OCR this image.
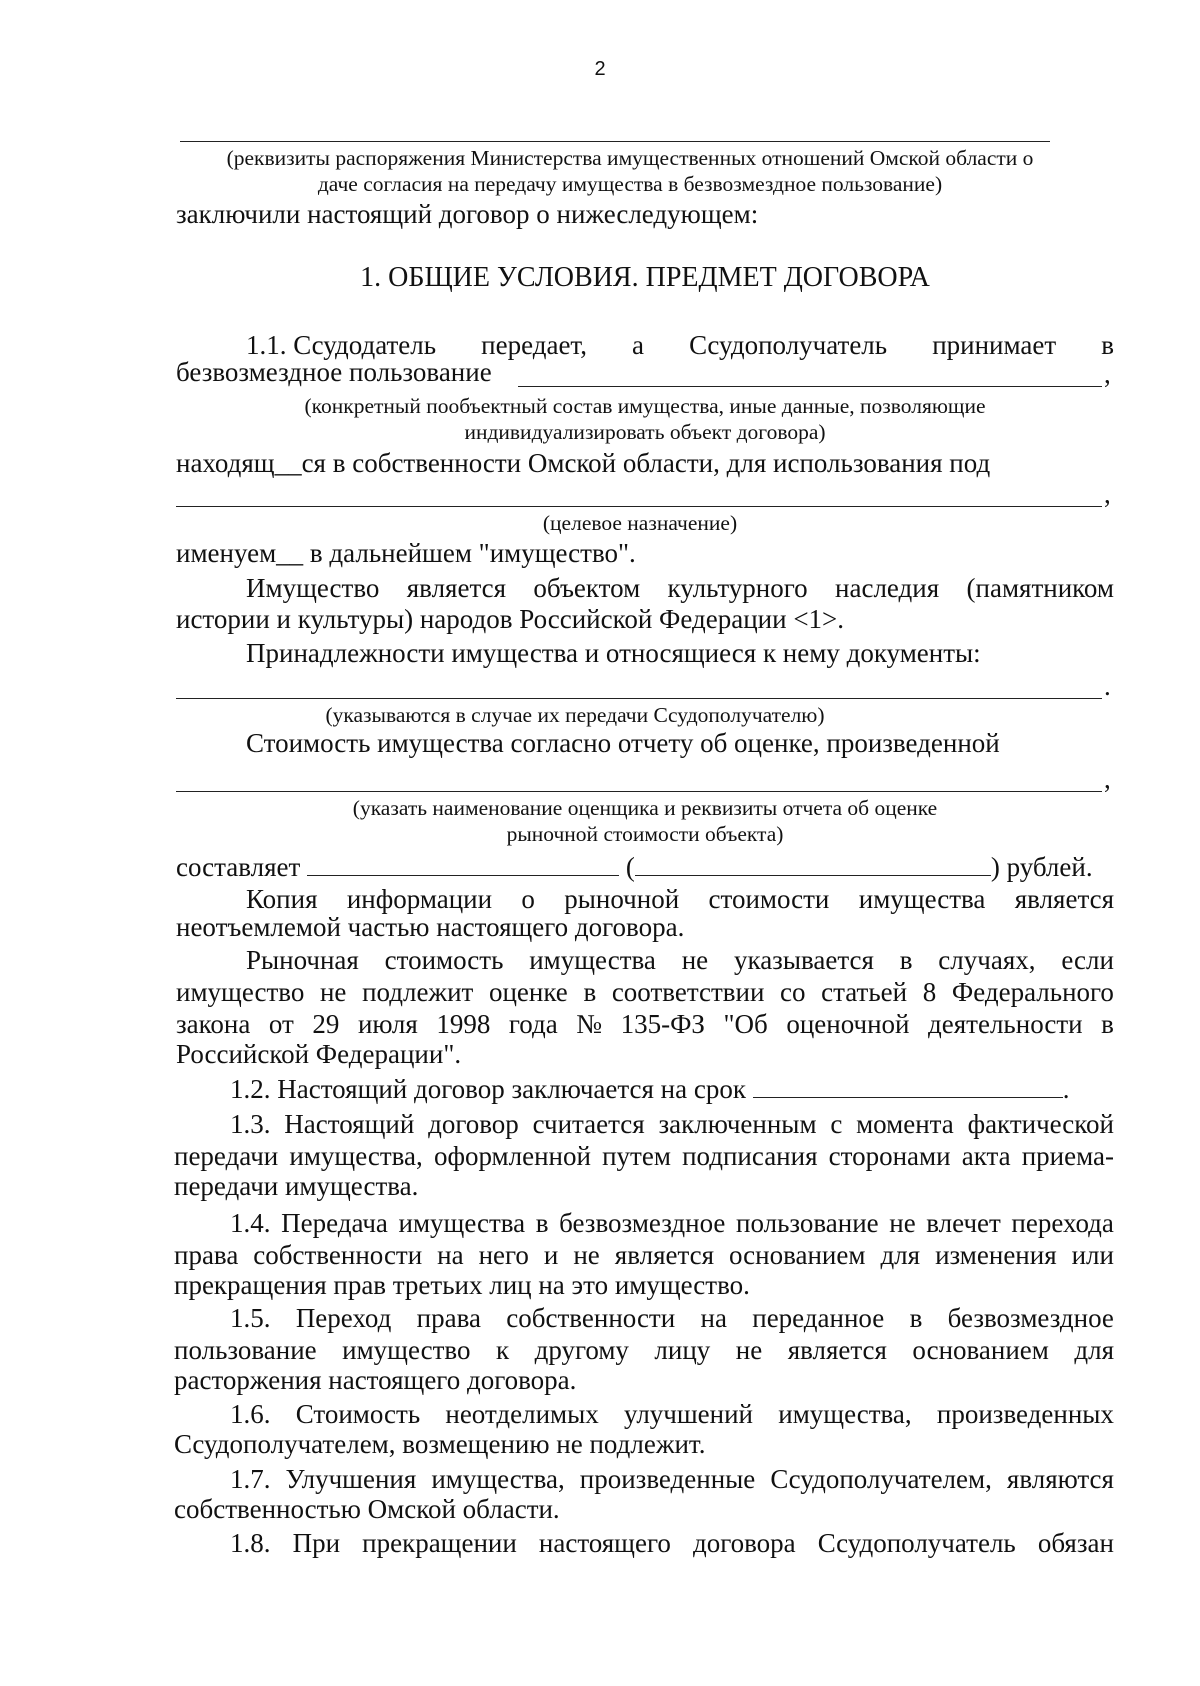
2
(реквизиты распоряжения Министерства имущественных отношений Омской области о
даче согласия на передачу имущества в безвозмездное пользование)
заключили настоящий договор о нижеследующем:
1. ОБЩИЕ УСЛОВИЯ. ПРЕДМЕТ ДОГОВОРА
1.1. Ссудодатель передает, а Ссудополучатель принимает в
безвозмездное пользование	,
(конкретный пообъектный состав имущества, иные данные, позволяющие
индивидуализировать объект договора)
находящ__ся в собственности Омской области, для использования под
,
(целевое назначение)
именуем__ в дальнейшем "имущество".
Имущество является объектом культурного наследия (памятником
истории и культуры) народов Российской Федерации <1>.
Принадлежности имущества и относящиеся к нему документы:
.
(указываются в случае их передачи Ссудополучателю)
Стоимость имущества согласно отчету об оценке, произведенной
,
(указать наименование оценщика и реквизиты отчета об оценке
рыночной стоимости объекта)
составляет	(	) рублей.
Копия информации о рыночной стоимости имущества является
неотъемлемой частью настоящего договора.
Рыночная стоимость имущества не указывается в случаях, если
имущество не подлежит оценке в соответствии со статьей 8 Федерального
закона от 29 июля 1998 года № 135-ФЗ "Об оценочной деятельности в
Российской Федерации".
1.2. Настоящий договор заключается на срок	.
1.3. Настоящий договор считается заключенным с момента фактической
передачи имущества, оформленной путем подписания сторонами акта приема-
передачи имущества.
1.4. Передача имущества в безвозмездное пользование не влечет перехода
права собственности на него и не является основанием для изменения или
прекращения прав третьих лиц на это имущество.
1.5. Переход права собственности на переданное в безвозмездное
пользование имущество к другому лицу не является основанием для
расторжения настоящего договора.
1.6. Стоимость неотделимых улучшений имущества, произведенных
Ссудополучателем, возмещению не подлежит.
1.7. Улучшения имущества, произведенные Ссудополучателем, являются
собственностью Омской области.
1.8. При прекращении настоящего договора Ссудополучатель обязан
